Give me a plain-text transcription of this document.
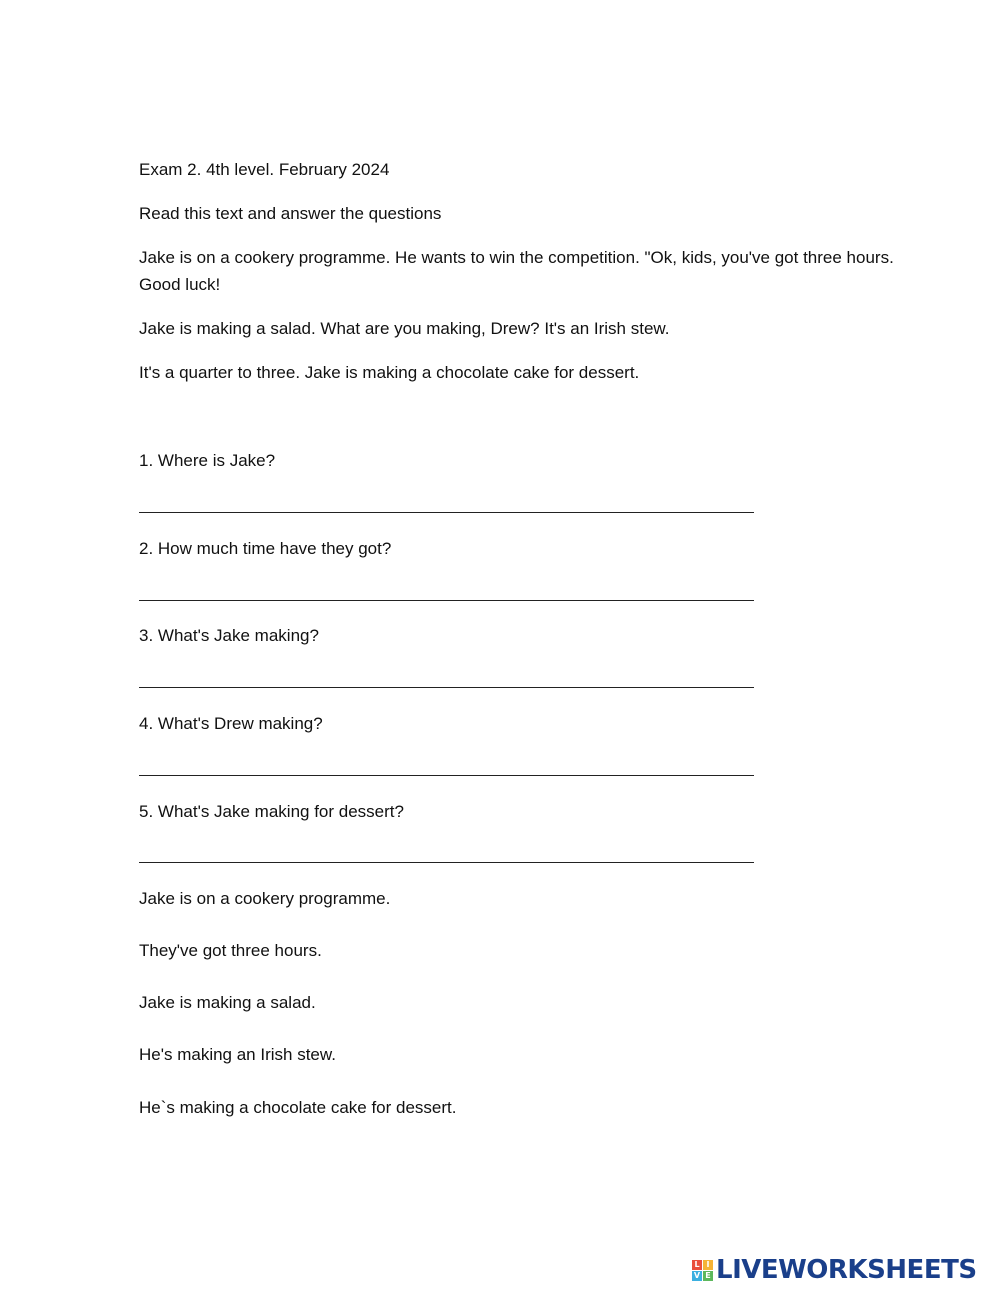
Exam 2. 4th level. February 2024
Read this text and answer the questions
Jake is on a cookery programme. He wants to win the competition. "Ok, kids, you've got three hours. Good luck!
Jake is making a salad. What are you making, Drew? It's an Irish stew.
It's a quarter to three. Jake is making a chocolate cake for dessert.
1. Where is Jake?
2. How much time have they got?
3. What's Jake making?
4. What's Drew making?
5. What's Jake making for dessert?
Jake is on a cookery programme.
They've got three hours.
Jake is making a salad.
He's making an Irish stew.
He`s making a chocolate cake for dessert.
L I
V E LIVEWORKSHEETS
